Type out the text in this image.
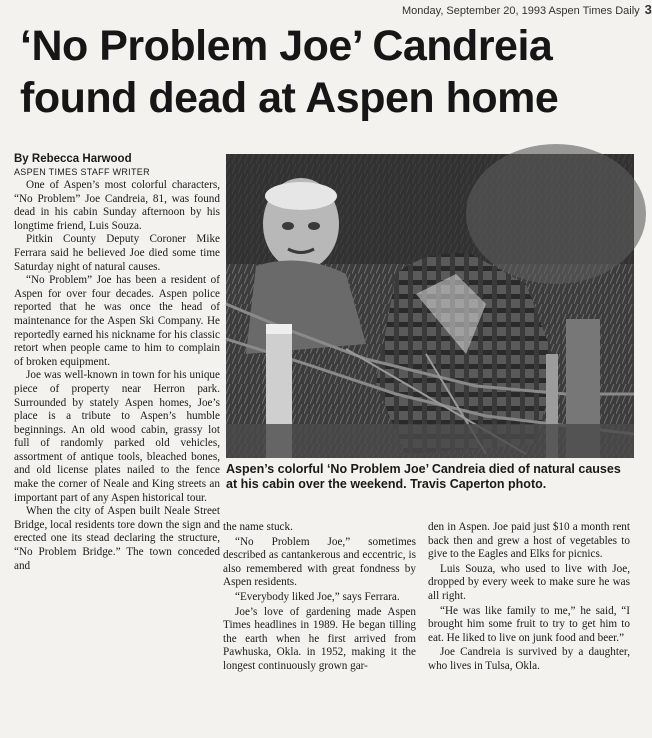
Monday, September 20, 1993 Aspen Times Daily 3
‘No Problem Joe’ Candreia
found dead at Aspen home
By Rebecca Harwood
ASPEN TIMES STAFF WRITER

One of Aspen’s most colorful characters, “No Problem” Joe Candreia, 81, was found dead in his cabin Sunday afternoon by his longtime friend, Luis Souza.

Pitkin County Deputy Coroner Mike Ferrara said he believed Joe died some time Saturday night of natural causes.

“No Problem” Joe has been a resident of Aspen for over four decades. Aspen police reported that he was once the head of maintenance for the Aspen Ski Company. He reportedly earned his nickname for his classic retort when people came to him to complain of broken equipment.

Joe was well-known in town for his unique piece of property near Herron park. Surrounded by stately Aspen homes, Joe’s place is a tribute to Aspen’s humble beginnings. An old wood cabin, grassy lot full of randomly parked old vehicles, assortment of antique tools, bleached bones, and old license plates nailed to the fence make the corner of Neale and King streets an important part of any Aspen historical tour.

When the city of Aspen built Neale Street Bridge, local residents tore down the sign and erected one its stead declaring the structure, “No Problem Bridge.” The town conceded and

Aspen’s colorful ‘No Problem Joe’ Candreia died of natural causes at his cabin over the weekend. Travis Caperton photo.

the name stuck.

“No Problem Joe,” sometimes described as cantankerous and eccentric, is also remembered with great fondness by Aspen residents.

“Everybody liked Joe,” says Ferrara.

Joe’s love of gardening made Aspen Times headlines in 1989. He began tilling the earth when he first arrived from Pawhuska, Okla. in 1952, making it the longest continuously grown gar-

den in Aspen. Joe paid just $10 a month rent back then and grew a host of vegetables to give to the Eagles and Elks for picnics.

Luis Souza, who used to live with Joe, dropped by every week to make sure he was all right.

“He was like family to me,” he said, “I brought him some fruit to try to get him to eat. He liked to live on junk food and beer.”

Joe Candreia is survived by a daughter, who lives in Tulsa, Okla.
